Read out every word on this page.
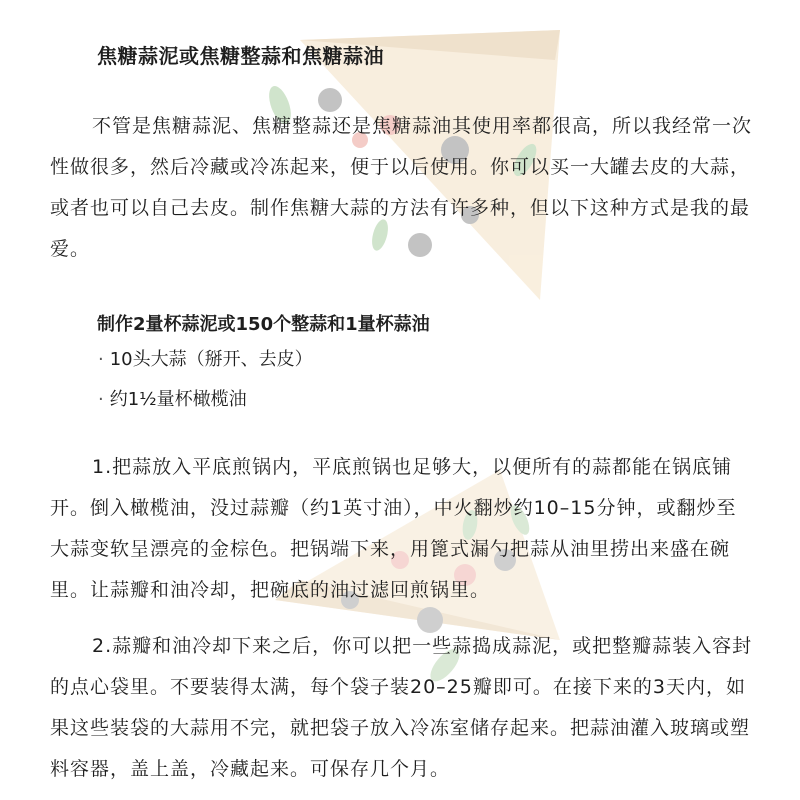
焦糖蒜泥或焦糖整蒜和焦糖蒜油

不管是焦糖蒜泥、焦糖整蒜还是焦糖蒜油其使用率都很高，所以我经常一次性做很多，然后冷藏或冷冻起来，便于以后使用。你可以买一大罐去皮的大蒜，或者也可以自己去皮。制作焦糖大蒜的方法有许多种，但以下这种方式是我的最爱。

制作2量杯蒜泥或150个整蒜和1量杯蒜油
· 10头大蒜（掰开、去皮）
· 约1½量杯橄榄油

1.把蒜放入平底煎锅内，平底煎锅也足够大，以便所有的蒜都能在锅底铺开。倒入橄榄油，没过蒜瓣（约1英寸油），中火翻炒约10–15分钟，或翻炒至大蒜变软呈漂亮的金棕色。把锅端下来，用篦式漏勺把蒜从油里捞出来盛在碗里。让蒜瓣和油冷却，把碗底的油过滤回煎锅里。

2.蒜瓣和油冷却下来之后，你可以把一些蒜捣成蒜泥，或把整瓣蒜装入容封的点心袋里。不要装得太满，每个袋子装20–25瓣即可。在接下来的3天内，如果这些装袋的大蒜用不完，就把袋子放入冷冻室储存起来。把蒜油灌入玻璃或塑料容器，盖上盖，冷藏起来。可保存几个月。
